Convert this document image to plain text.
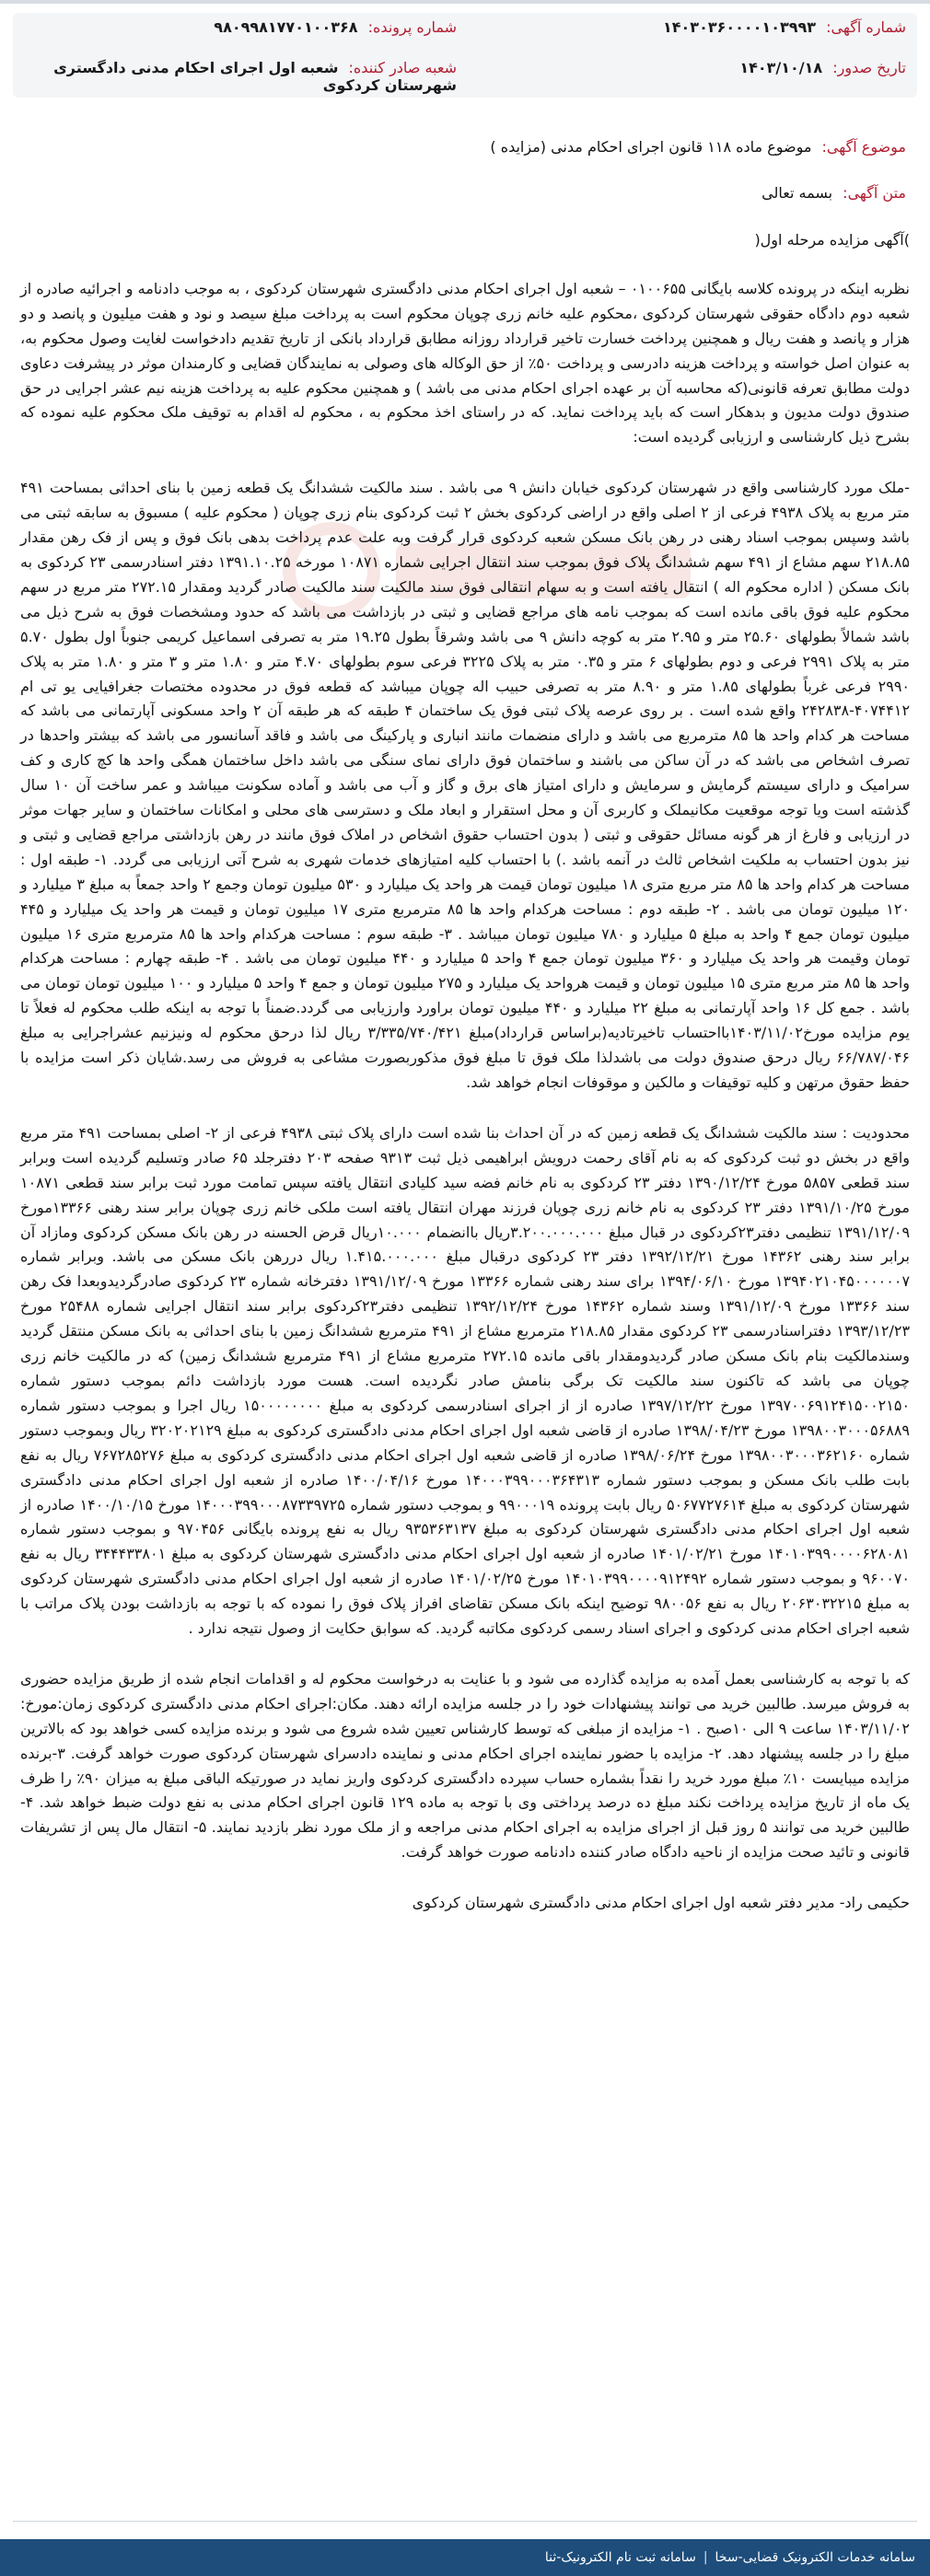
شماره آگهی: ۱۴۰۳۰۳۶۰۰۰۰۱۰۳۹۹۳
شماره پرونده: ۹۸۰۹۹۸۱۷۷۰۱۰۰۳۶۸
تاریخ صدور: ۱۴۰۳/۱۰/۱۸
شعبه صادر کننده: شعبه اول اجرای احکام مدنی دادگستری شهرستان کردکوی
موضوع آگهی: موضوع ماده ۱۱۸ قانون اجرای احکام مدنی (مزایده )
متن آگهی: بسمه تعالی

)آگهی مزایده مرحله اول(

نظربه اینکه در پرونده کلاسه بایگانی ۰۱۰۰۶۵۵ – شعبه اول اجرای احکام مدنی دادگستری شهرستان کردکوی ، به موجب دادنامه و اجرائیه صادره از شعبه دوم دادگاه حقوقی شهرستان کردکوی ،محکوم علیه خانم زری چوپان محکوم است به پرداخت مبلغ سیصد و نود و هفت میلیون و پانصد و دو هزار و پانصد و هفت ریال و همچنین پرداخت خسارت تاخیر قرارداد روزانه مطابق قرارداد بانکی از تاریخ تقدیم دادخواست لغایت وصول محکوم به، به عنوان اصل خواسته و پرداخت هزینه دادرسی و پرداخت ۵۰٪ از حق الوکاله های وصولی به نمایندگان قضایی و کارمندان موثر در پیشرفت دعاوی دولت مطابق تعرفه قانونی(که محاسبه آن بر عهده اجرای احکام مدنی می باشد ) و همچنین محکوم علیه به پرداخت هزینه نیم عشر اجرایی در حق صندوق دولت مدیون و بدهکار است که باید پرداخت نماید. که در راستای اخذ محکوم به ، محکوم له اقدام به توقیف ملک محکوم علیه نموده که بشرح ذیل کارشناسی و ارزیابی گردیده است:

-ملک مورد کارشناسی واقع در شهرستان کردکوی خیابان دانش ۹ می باشد . سند مالکیت ششدانگ یک قطعه زمین با بنای احداثی بمساحت ۴۹۱ متر مربع به پلاک ۴۹۳۸ فرعی از ۲ اصلی واقع در اراضی کردکوی بخش ۲ ثبت کردکوی بنام زری چوپان ( محکوم علیه ) مسبوق به سابقه ثبتی می باشد وسپس بموجب اسناد رهنی در رهن بانک مسکن شعبه کردکوی قرار گرفت وبه علت عدم پرداخت بدهی بانک فوق و پس از فک رهن مقدار ۲۱۸.۸۵ سهم مشاع از ۴۹۱ سهم ششدانگ پلاک فوق بموجب سند انتقال اجرایی شماره ۱۰۸۷۱ مورخه ۱۳۹۱.۱۰.۲۵ دفتر اسنادرسمی ۲۳ کردکوی به بانک مسکن ( اداره محکوم اله ) انتقال یافته است و به سهام انتقالی فوق سند مالکیت سند مالکیت صادر گردید ومقدار ۲۷۲.۱۵ متر مربع در سهم محکوم علیه فوق باقی مانده است که بموجب نامه های مراجع قضایی و ثبتی در بازداشت می باشد که حدود ومشخصات فوق به شرح ذیل می باشد شمالاً بطولهای ۲۵.۶۰ متر و ۲.۹۵ متر به کوچه دانش ۹ می باشد وشرقاً بطول ۱۹.۲۵ متر به تصرفی اسماعیل کریمی جنوباً اول بطول ۵.۷۰ متر به پلاک ۲۹۹۱ فرعی و دوم بطولهای ۶ متر و ۰.۳۵ متر به پلاک ۳۲۲۵ فرعی سوم بطولهای ۴.۷۰ متر و ۱.۸۰ متر و ۳ متر و ۱.۸۰ متر به پلاک ۲۹۹۰ فرعی غرباً بطولهای ۱.۸۵ متر و ۸.۹۰ متر به تصرفی حبیب اله چوپان میباشد که قطعه فوق در محدوده مختصات جغرافیایی یو تی ام ۴۰۷۴۴۱۲-۲۴۲۸۳۸ واقع شده است . بر روی عرصه پلاک ثبتی فوق یک ساختمان ۴ طبقه که هر طبقه آن ۲ واحد مسکونی آپارتمانی می باشد که مساحت هر کدام واحد ها ۸۵ مترمربع می باشد و دارای منضمات مانند انباری و پارکینگ می باشد و فاقد آسانسور می باشد که بیشتر واحدها در تصرف اشخاص می باشد که در آن ساکن می باشند و ساختمان فوق دارای نمای سنگی می باشد داخل ساختمان همگی واحد ها کچ کاری و کف سرامیک و دارای سیستم گرمایش و سرمایش و دارای امتیاز های برق و گاز و آب می باشد و آماده سکونت میباشد و عمر ساخت آن ۱۰ سال گذشته است ویا توجه موقعیت مکانیملک و کاربری آن و محل استقرار و ابعاد ملک و دسترسی های محلی و امکانات ساختمان و سایر جهات موثر در ارزیابی و فارغ از هر گونه مسائل حقوقی و ثبتی ( بدون احتساب حقوق اشخاص در املاک فوق مانند در رهن بازداشتی مراجع قضایی و ثبتی و نیز بدون احتساب به ملکیت اشخاص ثالث در آنمه باشد .) با احتساب کلیه امتیازهای خدمات شهری به شرح آتی ارزیابی می گردد. ۱- طبقه اول : مساحت هر کدام واحد ها ۸۵ متر مربع متری ۱۸ میلیون تومان قیمت هر واحد یک میلیارد و ۵۳۰ میلیون تومان وجمع ۲ واحد جمعاً به مبلغ ۳ میلیارد و ۱۲۰ میلیون تومان می باشد . ۲- طبقه دوم : مساحت هرکدام واحد ها ۸۵ مترمربع متری ۱۷ میلیون تومان و قیمت هر واحد یک میلیارد و ۴۴۵ میلیون تومان جمع ۴ واحد به مبلغ ۵ میلیارد و ۷۸۰ میلیون تومان میباشد . ۳- طبقه سوم : مساحت هرکدام واحد ها ۸۵ مترمربع متری ۱۶ میلیون تومان وقیمت هر واحد یک میلیارد و ۳۶۰ میلیون تومان جمع ۴ واحد ۵ میلیارد و ۴۴۰ میلیون تومان می باشد . ۴- طبقه چهارم : مساحت هرکدام واحد ها ۸۵ متر مربع متری ۱۵ میلیون تومان و قیمت هرواحد یک میلیارد و ۲۷۵ میلیون تومان و جمع ۴ واحد ۵ میلیارد و ۱۰۰ میلیون تومان تومان می باشد . جمع کل ۱۶ واحد آپارتمانی به مبلغ ۲۲ میلیارد و ۴۴۰ میلیون تومان براورد وارزیابی می گردد.ضمناً با توجه به اینکه طلب محکوم له فعلاً تا یوم مزایده مورخ۱۴۰۳/۱۱/۰۲بااحتساب تاخیرتادیه(براساس قرارداد)مبلغ ۳/۳۳۵/۷۴۰/۴۲۱ ریال لذا درحق محکوم له ونیزنیم عشراجرایی به مبلغ ۶۶/۷۸۷/۰۴۶ ریال درحق صندوق دولت می باشدلذا ملک فوق تا مبلغ فوق مذکوربصورت مشاعی به فروش می رسد.شایان ذکر است مزایده با حفظ حقوق مرتهن و کلیه توقیفات و مالکین و موقوفات انجام خواهد شد.

محدودیت : سند مالکیت ششدانگ یک قطعه زمین که در آن احداث بنا شده است دارای پلاک ثبتی ۴۹۳۸ فرعی از ۲- اصلی بمساحت ۴۹۱ متر مربع واقع در بخش دو ثبت کردکوی که به نام آقای رحمت درویش ابراهیمی ذیل ثبت ۹۳۱۳ صفحه ۲۰۳ دفترجلد ۶۵ صادر وتسلیم گردیده است وبرابر سند قطعی ۵۸۵۷ مورخ ۱۳۹۰/۱۲/۲۴ دفتر ۲۳ کردکوی به نام خانم فضه سید کلیادی انتقال یافته سپس تمامت مورد ثبت برابر سند قطعی ۱۰۸۷۱ مورخ ۱۳۹۱/۱۰/۲۵ دفتر ۲۳ کردکوی به نام خانم زری چوپان فرزند مهران انتقال یافته است ملکی خانم زری چوپان برابر سند رهنی ۱۳۳۶۶مورخ ۱۳۹۱/۱۲/۰۹ تنظیمی دفتر۲۳کردکوی در قبال مبلغ ۳.۲۰۰.۰۰۰.۰۰۰ریال باانضمام ۱۰.۰۰۰ریال قرض الحسنه در رهن بانک مسکن کردکوی ومازاد آن برابر سند رهنی ۱۴۳۶۲ مورخ ۱۳۹۲/۱۲/۲۱ دفتر ۲۳ کردکوی درقبال مبلغ ۱.۴۱۵.۰۰۰.۰۰۰ ریال دررهن بانک مسکن می باشد. وبرابر شماره ۱۳۹۴۰۲۱۰۴۵۰۰۰۰۰۰۷ مورخ ۱۳۹۴/۰۶/۱۰ برای سند رهنی شماره ۱۳۳۶۶ مورخ ۱۳۹۱/۱۲/۰۹ دفترخانه شماره ۲۳ کردکوی صادرگردیدوبعدا فک رهن سند ۱۳۳۶۶ مورخ ۱۳۹۱/۱۲/۰۹ وسند شماره ۱۴۳۶۲ مورخ ۱۳۹۲/۱۲/۲۴ تنظیمی دفتر۲۳کردکوی برابر سند انتقال اجرایی شماره ۲۵۴۸۸ مورخ ۱۳۹۳/۱۲/۲۳ دفتراسنادرسمی ۲۳ کردکوی مقدار ۲۱۸.۸۵ مترمربع مشاع از ۴۹۱ مترمربع ششدانگ زمین با بنای احداثی به بانک مسکن منتقل گردید وسندمالکیت بنام بانک مسکن صادر گردیدومقدار باقی مانده ۲۷۲.۱۵ مترمربع مشاع از ۴۹۱ مترمربع ششدانگ زمین) که در مالکیت خانم زری چوپان می باشد که تاکنون سند مالکیت تک برگی بنامش صادر نگردیده است. هست مورد بازداشت دائم بموجب دستور شماره ۱۳۹۷۰۰۶۹۱۲۴۱۵۰۰۲۱۵۰ مورخ ۱۳۹۷/۱۲/۲۲ صادره از از اجرای اسنادرسمی کردکوی به مبلغ ۱۵۰۰۰۰۰۰۰۰ ریال اجرا و بموجب دستور شماره ۱۳۹۸۰۰۳۰۰۰۵۶۸۸۹ مورخ ۱۳۹۸/۰۴/۲۳ صادره از قاضی شعبه اول اجرای احکام مدنی دادگستری کردکوی به مبلغ ۳۲۰۲۰۲۱۲۹ ریال وبموجب دستور شماره ۱۳۹۸۰۰۳۰۰۰۳۶۲۱۶۰ مورخ ۱۳۹۸/۰۶/۲۴ صادره از قاضی شعبه اول اجرای احکام مدنی دادگستری کردکوی به مبلغ ۷۶۷۲۸۵۲۷۶ ریال به نفع بابت طلب بانک مسکن و بموجب دستور شماره ۱۴۰۰۰۳۹۹۰۰۰۳۶۴۳۱۳ مورخ ۱۴۰۰/۰۴/۱۶ صادره از شعبه اول اجرای احکام مدنی دادگستری شهرستان کردکوی به مبلغ ۵۰۶۷۷۲۷۶۱۴ ریال بابت پرونده ۹۹۰۰۰۱۹ و بموجب دستور شماره ۱۴۰۰۰۳۹۹۰۰۰۸۷۳۳۹۷۲۵ مورخ ۱۴۰۰/۱۰/۱۵ صادره از شعبه اول اجرای احکام مدنی دادگستری شهرستان کردکوی به مبلغ ۹۳۵۳۶۳۱۳۷ ریال به نفع پرونده بایگانی ۹۷۰۴۵۶ و بموجب دستور شماره ۱۴۰۱۰۳۹۹۰۰۰۰۶۲۸۰۸۱ مورخ ۱۴۰۱/۰۲/۲۱ صادره از شعبه اول اجرای احکام مدنی دادگستری شهرستان کردکوی به مبلغ ۳۴۴۴۳۳۸۰۱ ریال به نفع ۹۶۰۰۷۰ و بموجب دستور شماره ۱۴۰۱۰۳۹۹۰۰۰۰۹۱۲۴۹۲ مورخ ۱۴۰۱/۰۲/۲۵ صادره از شعبه اول اجرای احکام مدنی دادگستری شهرستان کردکوی به مبلغ ۲۰۶۳۰۳۲۲۱۵ ریال به نفع ۹۸۰۰۵۶ توضیح اینکه بانک مسکن تقاضای افراز پلاک فوق را نموده که با توجه به بازداشت بودن پلاک مراتب با شعبه اجرای احکام مدنی کردکوی و اجرای اسناد رسمی کردکوی مکاتبه گردید. که سوابق حکایت از وصول نتیجه ندارد .

که با توجه به کارشناسی بعمل آمده به مزایده گذارده می شود و با عنایت به درخواست محکوم له و اقدامات انجام شده از طریق مزایده حضوری به فروش میرسد. طالبین خرید می توانند پیشنهادات خود را در جلسه مزایده ارائه دهند. مکان:اجرای احکام مدنی دادگستری کردکوی زمان:مورخ: ۱۴۰۳/۱۱/۰۲ ساعت ۹ الی ۱۰صبح . ۱- مزایده از مبلغی که توسط کارشناس تعیین شده شروع می شود و برنده مزایده کسی خواهد بود که بالاترین مبلغ را در جلسه پیشنهاد دهد. ۲- مزایده با حضور نماینده اجرای احکام مدنی و نماینده دادسرای شهرستان کردکوی صورت خواهد گرفت. ۳-برنده مزایده میبایست ۱۰٪ مبلغ مورد خرید را نقداً بشماره حساب سپرده دادگستری کردکوی واریز نماید در صورتیکه الباقی مبلغ به میزان ۹۰٪ را ظرف یک ماه از تاریخ مزایده پرداخت نکند مبلغ ده درصد پرداختی وی با توجه به ماده ۱۲۹ قانون اجرای احکام مدنی به نفع دولت ضبط خواهد شد. ۴- طالبین خرید می توانند ۵ روز قبل از اجرای مزایده به اجرای احکام مدنی مراجعه و از ملک مورد نظر بازدید نمایند. ۵- انتقال مال پس از تشریفات قانونی و تائید صحت مزایده از ناحیه دادگاه صادر کننده دادنامه صورت خواهد گرفت.

حکیمی راد- مدیر دفتر شعبه اول اجرای احکام مدنی دادگستری شهرستان کردکوی

سامانه خدمات الکترونیک قضایی-سخا
|
سامانه ثبت نام الکترونیک-ثنا
